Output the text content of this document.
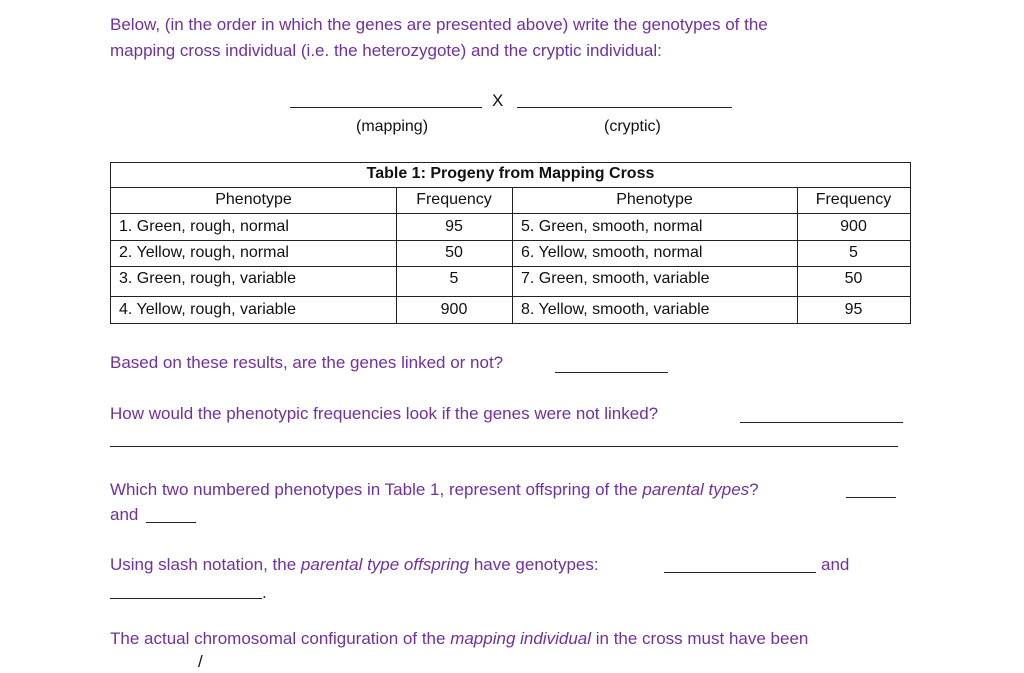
Below, (in the order in which the genes are presented above) write the genotypes of the
mapping cross individual (i.e. the heterozygote) and the cryptic individual:
X
(mapping)	(cryptic)
Table 1: Progeny from Mapping Cross
Phenotype	Frequency	Phenotype	Frequency
1. Green, rough, normal	95	5. Green, smooth, normal	900
2. Yellow, rough, normal	50	6. Yellow, smooth, normal	5
3. Green, rough, variable	5	7. Green, smooth, variable	50
4. Yellow, rough, variable	900	8. Yellow, smooth, variable	95
Based on these results, are the genes linked or not?
How would the phenotypic frequencies look if the genes were not linked?
Which two numbered phenotypes in Table 1, represent offspring of the parental types?
and
Using slash notation, the parental type offspring have genotypes:	and
.
The actual chromosomal configuration of the mapping individual in the cross must have been
/
